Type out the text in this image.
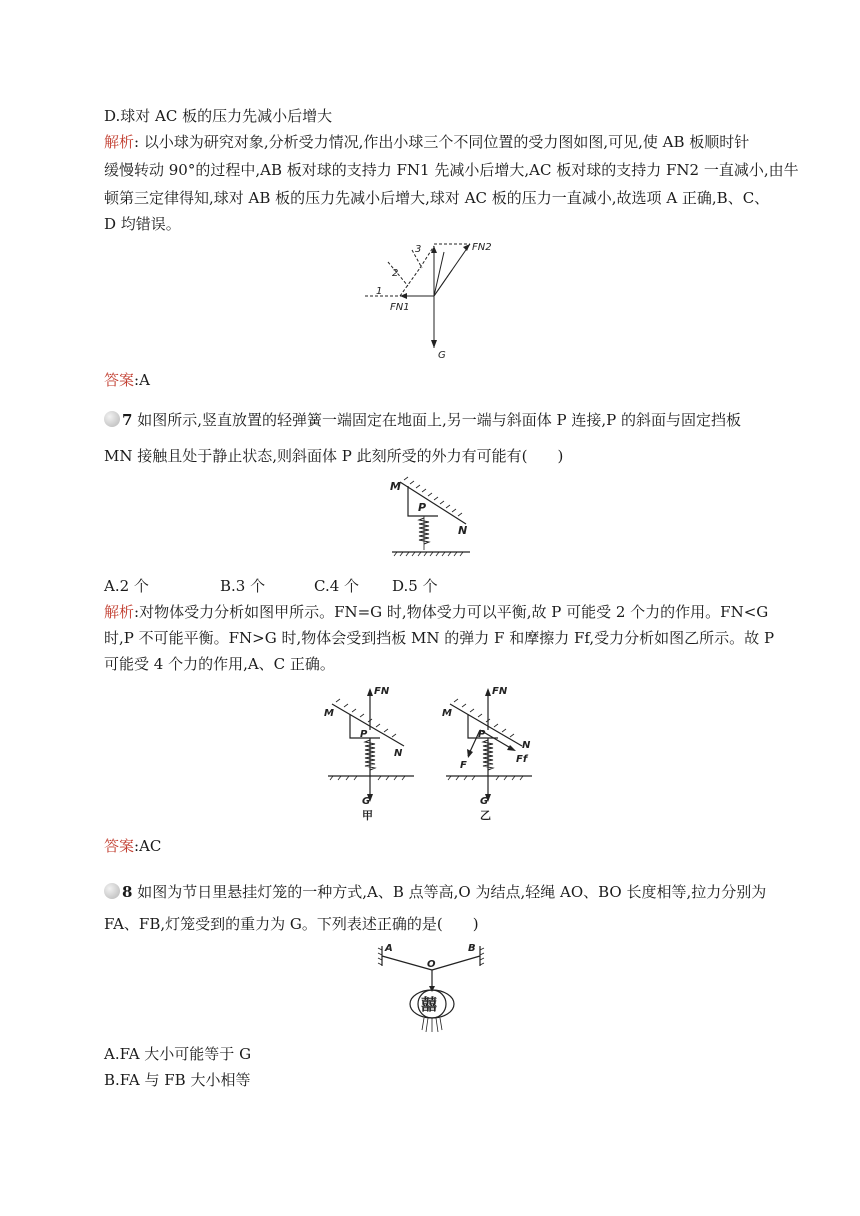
D.球对 AC 板的压力先减小后增大
解析: 以小球为研究对象,分析受力情况,作出小球三个不同位置的受力图如图,可见,使 AB 板顺时针
缓慢转动 90°的过程中,AB 板对球的支持力 FN1 先减小后增大,AC 板对球的支持力 FN2 一直减小,由牛
顿第三定律得知,球对 AB 板的压力先减小后增大,球对 AC 板的压力一直减小,故选项 A 正确,B、C、
D 均错误。
1
2
3
FN1
FN2
G
答案:A
7 如图所示,竖直放置的轻弹簧一端固定在地面上,另一端与斜面体 P 连接,P 的斜面与固定挡板
MN 接触且处于静止状态,则斜面体 P 此刻所受的外力有可能有(　　)
M
N
P
A.2 个	B.3 个	C.4 个 D.5 个
解析:对物体受力分析如图甲所示。FN=G 时,物体受力可以平衡,故 P 可能受 2 个力的作用。FN<G
时,P 不可能平衡。FN>G 时,物体会受到挡板 MN 的弹力 F 和摩擦力 Ff,受力分析如图乙所示。故 P
可能受 4 个力的作用,A、C 正确。
FN
M
N
P
G
甲
FN
M
N
P
G
F
Ff
乙
答案:AC
8 如图为节日里悬挂灯笼的一种方式,A、B 点等高,O 为结点,轻绳 AO、BO 长度相等,拉力分别为
FA、FB,灯笼受到的重力为 G。下列表述正确的是(　　)
A	B
O
囍
A.FA 大小可能等于 G
B.FA 与 FB 大小相等
